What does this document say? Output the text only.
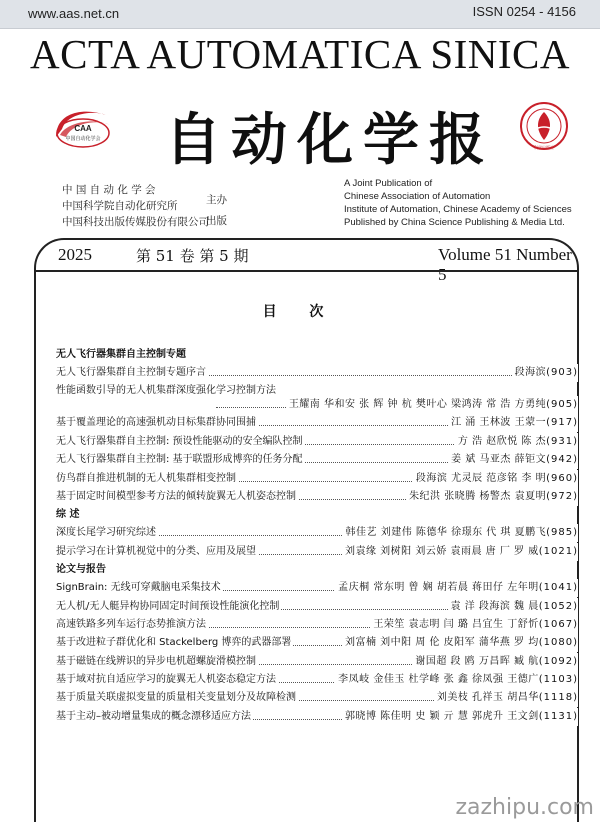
www.aas.net.cn	ISSN 0254 - 4156
ACTA AUTOMATICA SINICA
CAA
中国自动化学会	自动化学报	科学出版社
中 国 自 动 化 学 会
中国科学院自动化研究所
中国科技出版传媒股份有限公司
主办
出版
A Joint Publication of
Chinese Association of Automation
Institute of Automation, Chinese Academy of Sciences
Published by China Science Publishing & Media Ltd.
2025	第 51 卷 第 5 期	Volume 51 Number 5
目 次
无人飞行器集群自主控制专题
无人飞行器集群自主控制专题序言	段海滨(903)
性能函数引导的无人机集群深度强化学习控制方法
王耀南 华和安 张 辉 钟 杭 樊叶心 梁鸿涛 常 浩 方勇纯(905)
基于覆盖理论的高速强机动目标集群协同围捕	江 涌 王林波 王蒙一(917)
无人飞行器集群自主控制: 预设性能驱动的安全编队控制	方 浩 赵欣悦 陈 杰(931)
无人飞行器集群自主控制: 基于联盟形成博弈的任务分配	姜 斌 马亚杰 薛钜文(942)
仿鸟群自推进机制的无人机集群相变控制	段海滨 尤灵辰 范彦铭 李 明(960)
基于固定时间模型参考方法的倾转旋翼无人机姿态控制	朱纪洪 张晓腾 杨警杰 袁夏明(972)
综 述
深度长尾学习研究综述	韩佳艺 刘建伟 陈德华 徐璟东 代 琪 夏鹏飞(985)
提示学习在计算机视觉中的分类、应用及展望	刘袁缘 刘树阳 刘云娇 袁雨晨 唐 厂 罗 威(1021)
论文与报告
SignBrain: 无线可穿戴脑电采集技术	孟庆桐 常东明 曾 娴 胡若晨 蒋田仔 左年明(1041)
无人机/无人艇异构协同固定时间预设性能演化控制	袁 洋 段海滨 魏 晨(1052)
高速铁路多列车运行态势推演方法	王荣笙 袁志明 闫 璐 吕宜生 丁舒忻(1067)
基于改进粒子群优化和 Stackelberg 博弈的武器部署	刘富楠 刘中阳 周 伦 皮阳军 蒲华燕 罗 均(1080)
基于磁链在线辨识的异步电机超螺旋滑模控制	谢国超 段 鸥 万昌晖 臧 航(1092)
基于域对抗自适应学习的旋翼无人机姿态稳定方法	李凤岐 金佳玉 杜学峰 张 鑫 徐凤强 王德广(1103)
基于质量关联虚拟变量的质量相关变量划分及故障检测	刘美枝 孔祥玉 胡昌华(1118)
基于主动–被动增量集成的概念漂移适应方法	郭晓博 陈佳明 史 颖 亓 慧 郭虎升 王文剑(1131)
zazhipu.com
